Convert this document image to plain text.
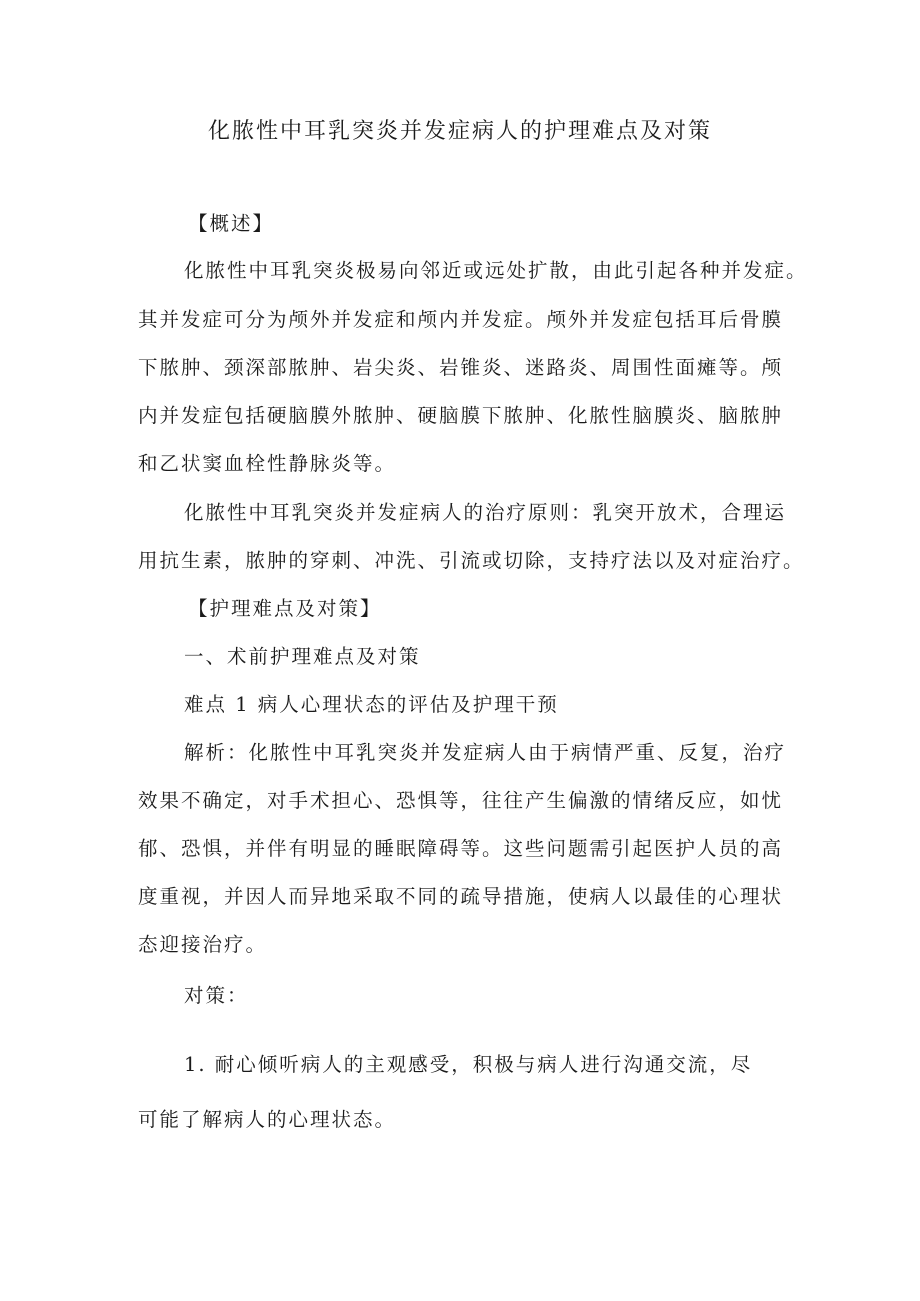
化脓性中耳乳突炎并发症病人的护理难点及对策
【概述】
化脓性中耳乳突炎极易向邻近或远处扩散，由此引起各种并发症。
其并发症可分为颅外并发症和颅内并发症。颅外并发症包括耳后骨膜
下脓肿、颈深部脓肿、岩尖炎、岩锥炎、迷路炎、周围性面瘫等。颅
内并发症包括硬脑膜外脓肿、硬脑膜下脓肿、化脓性脑膜炎、脑脓肿
和乙状窦血栓性静脉炎等。
化脓性中耳乳突炎并发症病人的治疗原则：乳突开放术，合理运
用抗生素，脓肿的穿刺、冲洗、引流或切除，支持疗法以及对症治疗。
【护理难点及对策】
一、术前护理难点及对策
难点 1 病人心理状态的评估及护理干预
解析：化脓性中耳乳突炎并发症病人由于病情严重、反复，治疗
效果不确定，对手术担心、恐惧等，往往产生偏激的情绪反应，如忧
郁、恐惧，并伴有明显的睡眠障碍等。这些问题需引起医护人员的高
度重视，并因人而异地采取不同的疏导措施，使病人以最佳的心理状
态迎接治疗。
对策：
1. 耐心倾听病人的主观感受，积极与病人进行沟通交流，尽
可能了解病人的心理状态。
